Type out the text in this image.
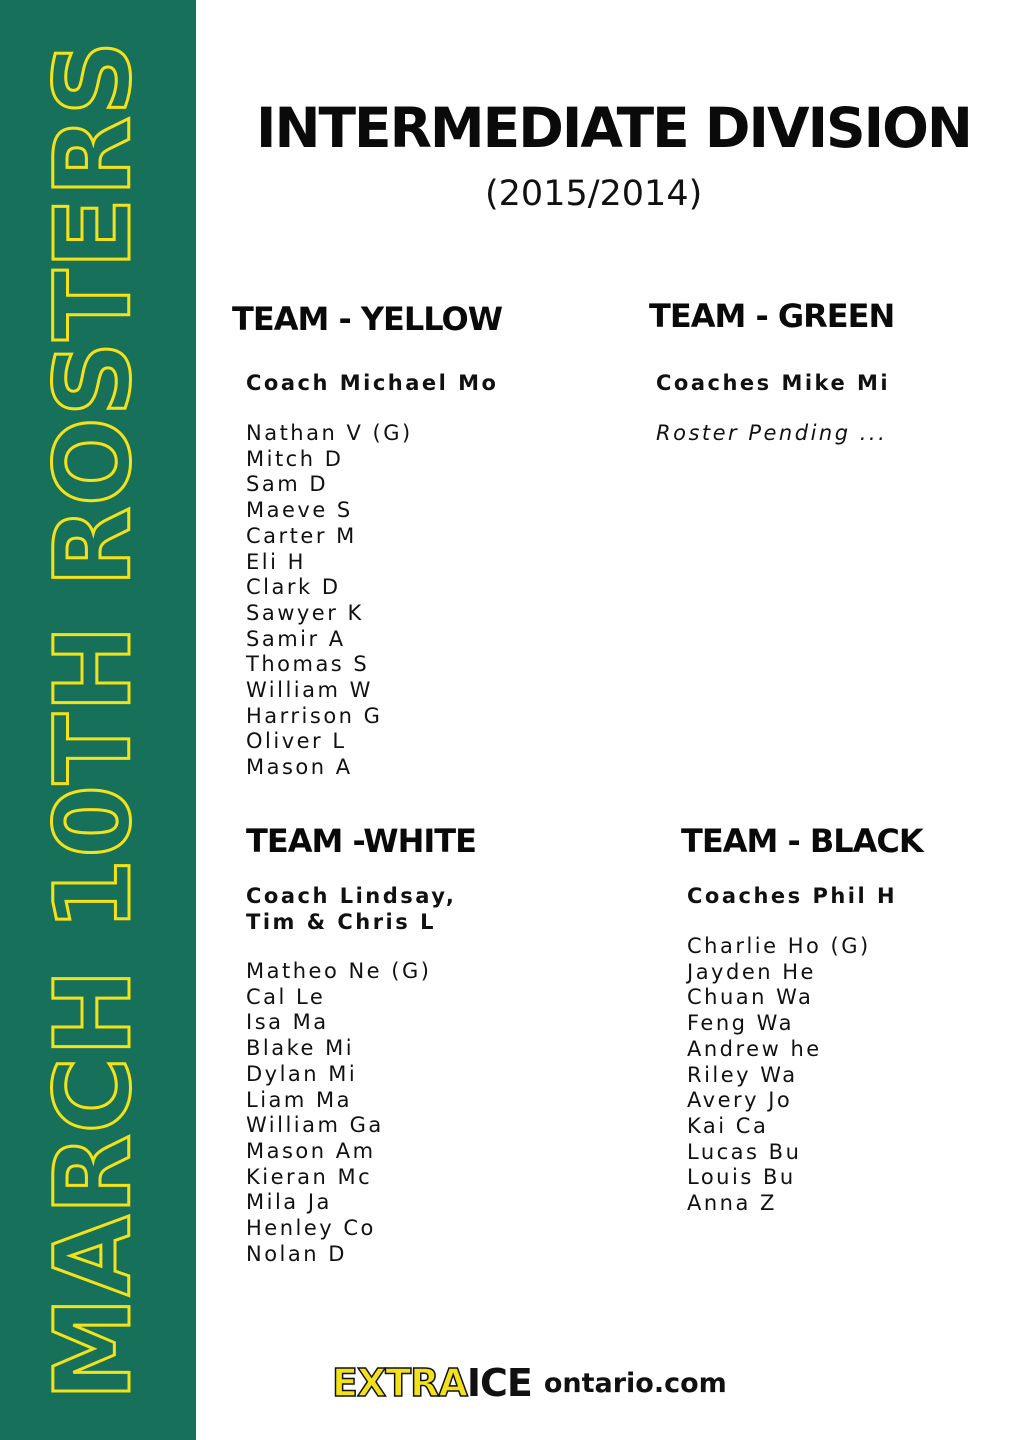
MARCH 10TH ROSTERS INTERMEDIATE DIVISION
(2015/2014)
TEAM - YELLOW
Coach Michael Mo
Nathan V (G)
Mitch D
Sam D
Maeve S
Carter M
Eli H
Clark D
Sawyer K
Samir A
Thomas S
William W
Harrison G
Oliver L
Mason A
TEAM - GREEN
Coaches Mike Mi
Roster Pending ...
TEAM -WHITE
Coach Lindsay,
Tim & Chris L
Matheo Ne (G)
Cal Le
Isa Ma
Blake Mi
Dylan Mi
Liam Ma
William Ga
Mason Am
Kieran Mc
Mila Ja
Henley Co
Nolan D
TEAM - BLACK
Coaches Phil H
Charlie Ho (G)
Jayden He
Chuan Wa
Feng Wa
Andrew he
Riley Wa
Avery Jo
Kai Ca
Lucas Bu
Louis Bu
Anna Z
EXTRA ICE ontario.com
